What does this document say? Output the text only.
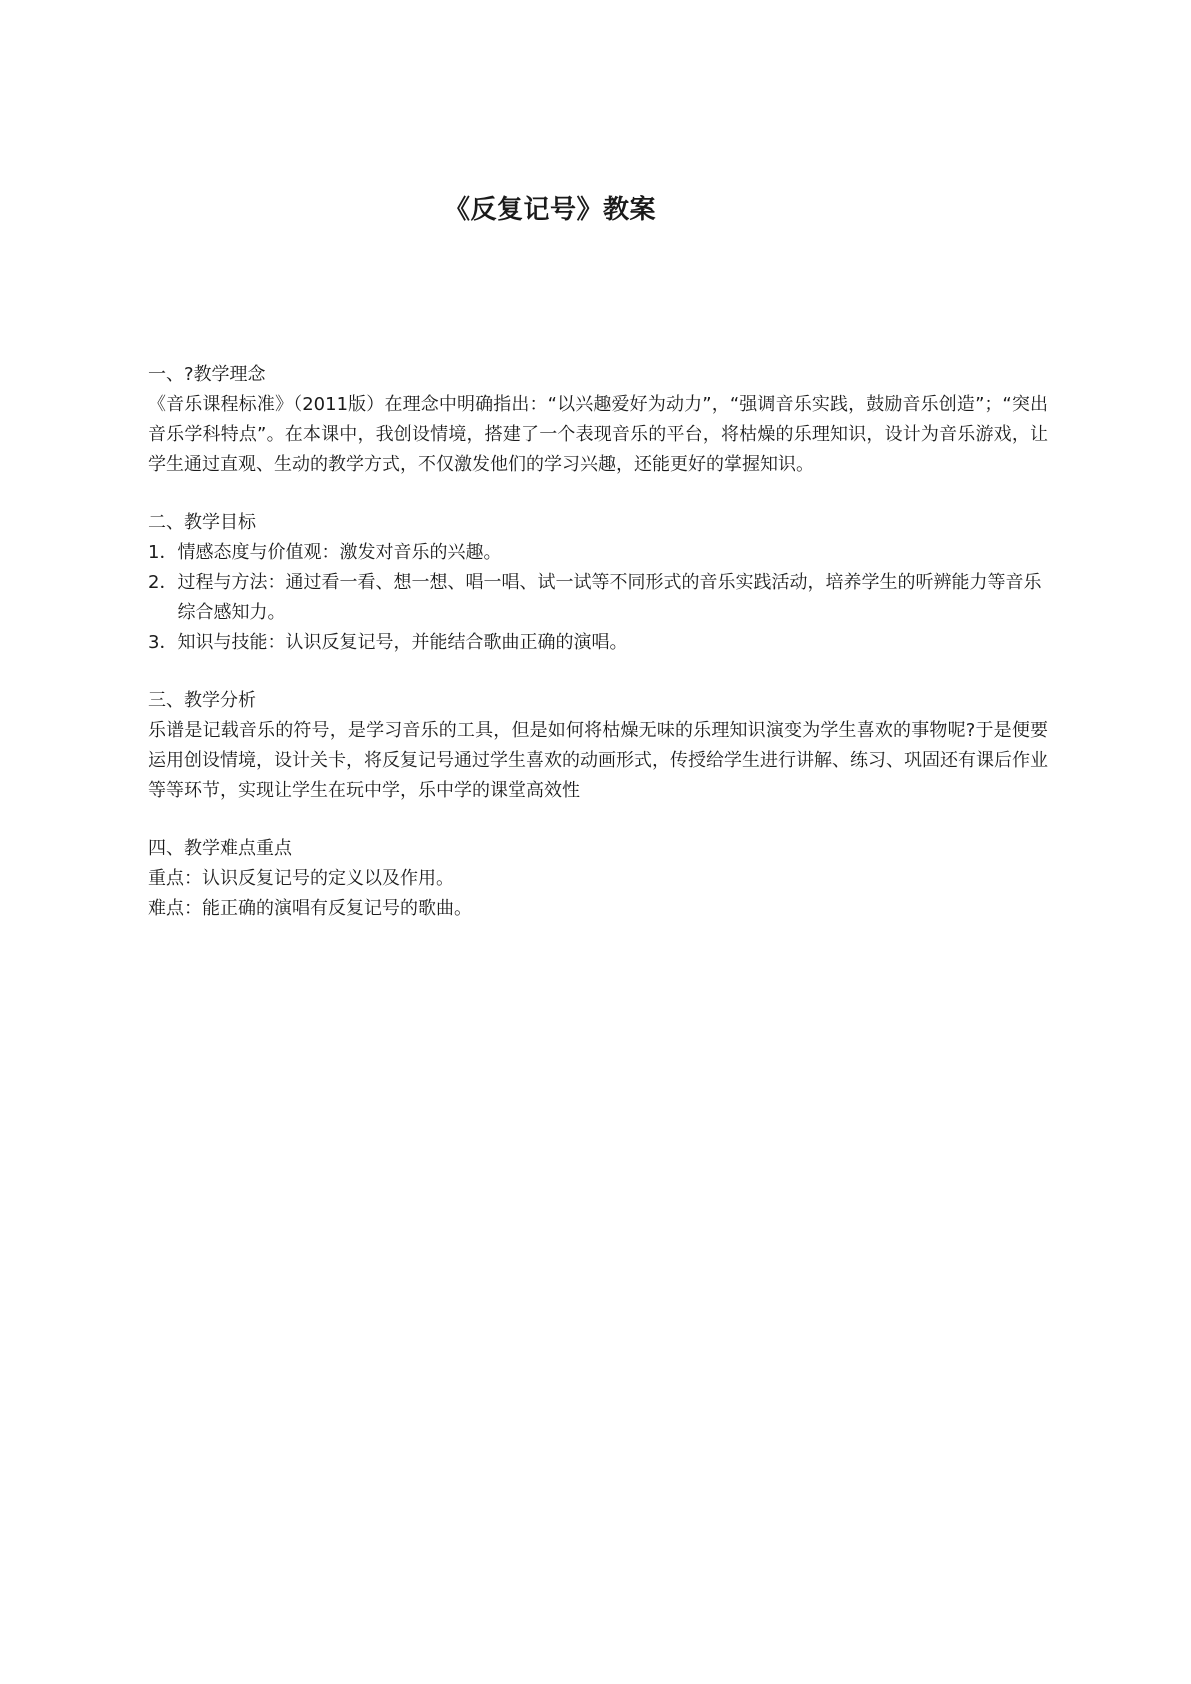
《反复记号》教案

一、?教学理念

《音乐课程标准》（2011版）在理念中明确指出：“以兴趣爱好为动力”，“强调音乐实践，鼓励音乐创造”；“突出音乐学科特点”。在本课中，我创设情境，搭建了一个表现音乐的平台，将枯燥的乐理知识，设计为音乐游戏，让学生通过直观、生动的教学方式，不仅激发他们的学习兴趣，还能更好的掌握知识。

二、教学目标

1． 情感态度与价值观：激发对音乐的兴趣。
2． 过程与方法：通过看一看、想一想、唱一唱、试一试等不同形式的音乐实践活动，培养学生的听辨能力等音乐综合感知力。
3． 知识与技能：认识反复记号，并能结合歌曲正确的演唱。

三、教学分析

乐谱是记载音乐的符号，是学习音乐的工具，但是如何将枯燥无味的乐理知识演变为学生喜欢的事物呢?于是便要运用创设情境，设计关卡，将反复记号通过学生喜欢的动画形式，传授给学生进行讲解、练习、巩固还有课后作业等等环节，实现让学生在玩中学，乐中学的课堂高效性

四、教学难点重点

重点：认识反复记号的定义以及作用。

难点：能正确的演唱有反复记号的歌曲。
